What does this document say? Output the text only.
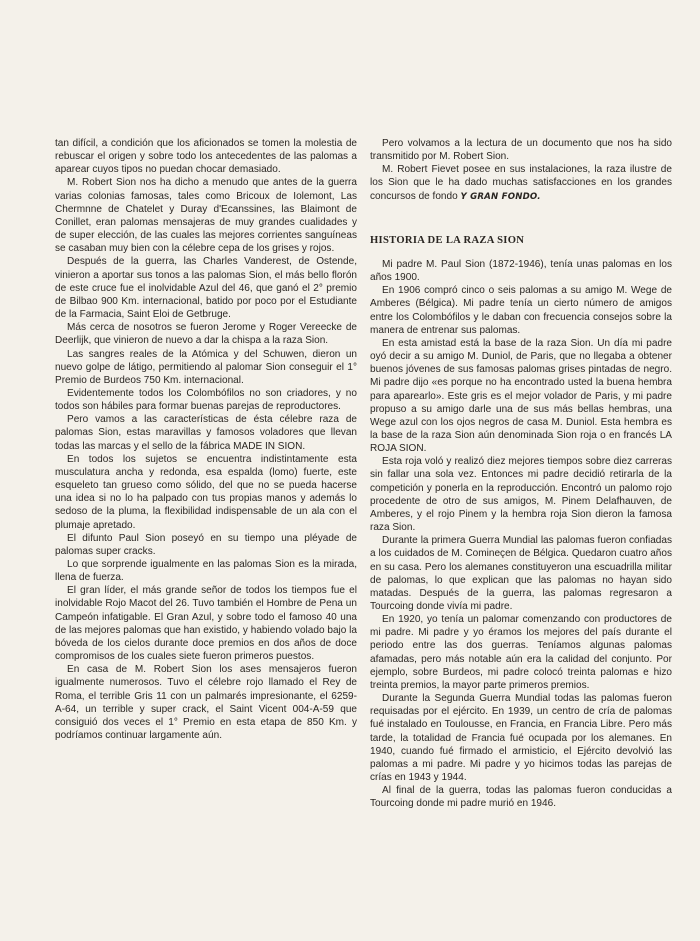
tan difícil, a condición que los aficionados se tomen la molestia de rebuscar el origen y sobre todo los antecedentes de las palomas a aparear cuyos tipos no puedan chocar demasiado.

M. Robert Sion nos ha dicho a menudo que antes de la guerra varias colonias famosas, tales como Bricoux de Iolemont, Las Chermnne de Chatelet y Duray d'Ecanssines, las Blaimont de Conillet, eran palomas mensajeras de muy grandes cualidades y de super elección, de las cuales las mejores corrientes sanguíneas se casaban muy bien con la célebre cepa de los grises y rojos.

Después de la guerra, las Charles Vanderest, de Ostende, vinieron a aportar sus tonos a las palomas Sion, el más bello florón de este cruce fue el inolvidable Azul del 46, que ganó el 2° premio de Bilbao 900 Km. internacional, batido por poco por el Estudiante de la Farmacia, Saint Eloi de Getbruge.

Más cerca de nosotros se fueron Jerome y Roger Vereecke de Deerlijk, que vinieron de nuevo a dar la chispa a la raza Sion.

Las sangres reales de la Atómica y del Schuwen, dieron un nuevo golpe de látigo, permitiendo al palomar Sion conseguir el 1° Premio de Burdeos 750 Km. internacional.

Evidentemente todos los Colombófilos no son criadores, y no todos son hábiles para formar buenas parejas de reproductores.

Pero vamos a las características de ésta célebre raza de palomas Sion, estas maravillas y famosos voladores que llevan todas las marcas y el sello de la fábrica MADE IN SION.

En todos los sujetos se encuentra indistintamente esta musculatura ancha y redonda, esa espalda (lomo) fuerte, este esqueleto tan grueso como sólido, del que no se pueda hacerse una idea si no lo ha palpado con tus propias manos y además lo sedoso de la pluma, la flexibilidad indispensable de un ala con el plumaje apretado.

El difunto Paul Sion poseyó en su tiempo una pléyade de palomas super cracks.

Lo que sorprende igualmente en las palomas Sion es la mirada, llena de fuerza.

El gran líder, el más grande señor de todos los tiempos fue el inolvidable Rojo Macot del 26. Tuvo también el Hombre de Pena un Campeón infatigable. El Gran Azul, y sobre todo el famoso 40 una de las mejores palomas que han existido, y habiendo volado bajo la bóveda de los cielos durante doce premios en dos años de doce compromisos de los cuales siete fueron primeros puestos.

En casa de M. Robert Sion los ases mensajeros fueron igualmente numerosos. Tuvo el célebre rojo llamado el Rey de Roma, el terrible Gris 11 con un palmarés impresionante, el 6259-A-64, un terrible y super crack, el Saint Vicent 004-A-59 que consiguió dos veces el 1° Premio en esta etapa de 850 Km. y podríamos continuar largamente aún.

Pero volvamos a la lectura de un documento que nos ha sido transmitido por M. Robert Sion.

M. Robert Fievet posee en sus instalaciones, la raza ilustre de los Sion que le ha dado muchas satisfacciones en los grandes concursos de fondo Y GRAN FONDO.

HISTORIA DE LA RAZA SION

Mi padre M. Paul Sion (1872-1946), tenía unas palomas en los años 1900.

En 1906 compró cinco o seis palomas a su amigo M. Wege de Amberes (Bélgica). Mi padre tenía un cierto número de amigos entre los Colombófilos y le daban con frecuencia consejos sobre la manera de entrenar sus palomas.

En esta amistad está la base de la raza Sion. Un día mi padre oyó decir a su amigo M. Duniol, de Paris, que no llegaba a obtener buenos jóvenes de sus famosas palomas grises pintadas de negro. Mi padre dijo «es porque no ha encontrado usted la buena hembra para aparearlo». Este gris es el mejor volador de Paris, y mi padre propuso a su amigo darle una de sus más bellas hembras, una Wege azul con los ojos negros de casa M. Duniol. Esta hembra es la base de la raza Sion aún denominada Sion roja o en francés LA ROJA SION.

Esta roja voló y realizó diez mejores tiempos sobre diez carreras sin fallar una sola vez. Entonces mi padre decidió retirarla de la competición y ponerla en la reproducción. Encontró un palomo rojo procedente de otro de sus amigos, M. Pinem Delafhauven, de Amberes, y el rojo Pinem y la hembra roja Sion dieron la famosa raza Sion.

Durante la primera Guerra Mundial las palomas fueron confiadas a los cuidados de M. Comineçen de Bélgica. Quedaron cuatro años en su casa. Pero los alemanes constituyeron una escuadrilla militar de palomas, lo que explican que las palomas no hayan sido matadas. Después de la guerra, las palomas regresaron a Tourcoing donde vivía mi padre.

En 1920, yo tenía un palomar comenzando con productores de mi padre. Mi padre y yo éramos los mejores del país durante el periodo entre las dos guerras. Teníamos algunas palomas afamadas, pero más notable aún era la calidad del conjunto. Por ejemplo, sobre Burdeos, mi padre colocó treinta palomas e hizo treinta premios, la mayor parte primeros premios.

Durante la Segunda Guerra Mundial todas las palomas fueron requisadas por el ejército. En 1939, un centro de cría de palomas fué instalado en Toulousse, en Francia, en Francia Libre. Pero más tarde, la totalidad de Francia fué ocupada por los alemanes. En 1940, cuando fué firmado el armisticio, el Ejército devolvió las palomas a mi padre. Mi padre y yo hicimos todas las parejas de crías en 1943 y 1944.

Al final de la guerra, todas las palomas fueron conducidas a Tourcoing donde mi padre murió en 1946.
